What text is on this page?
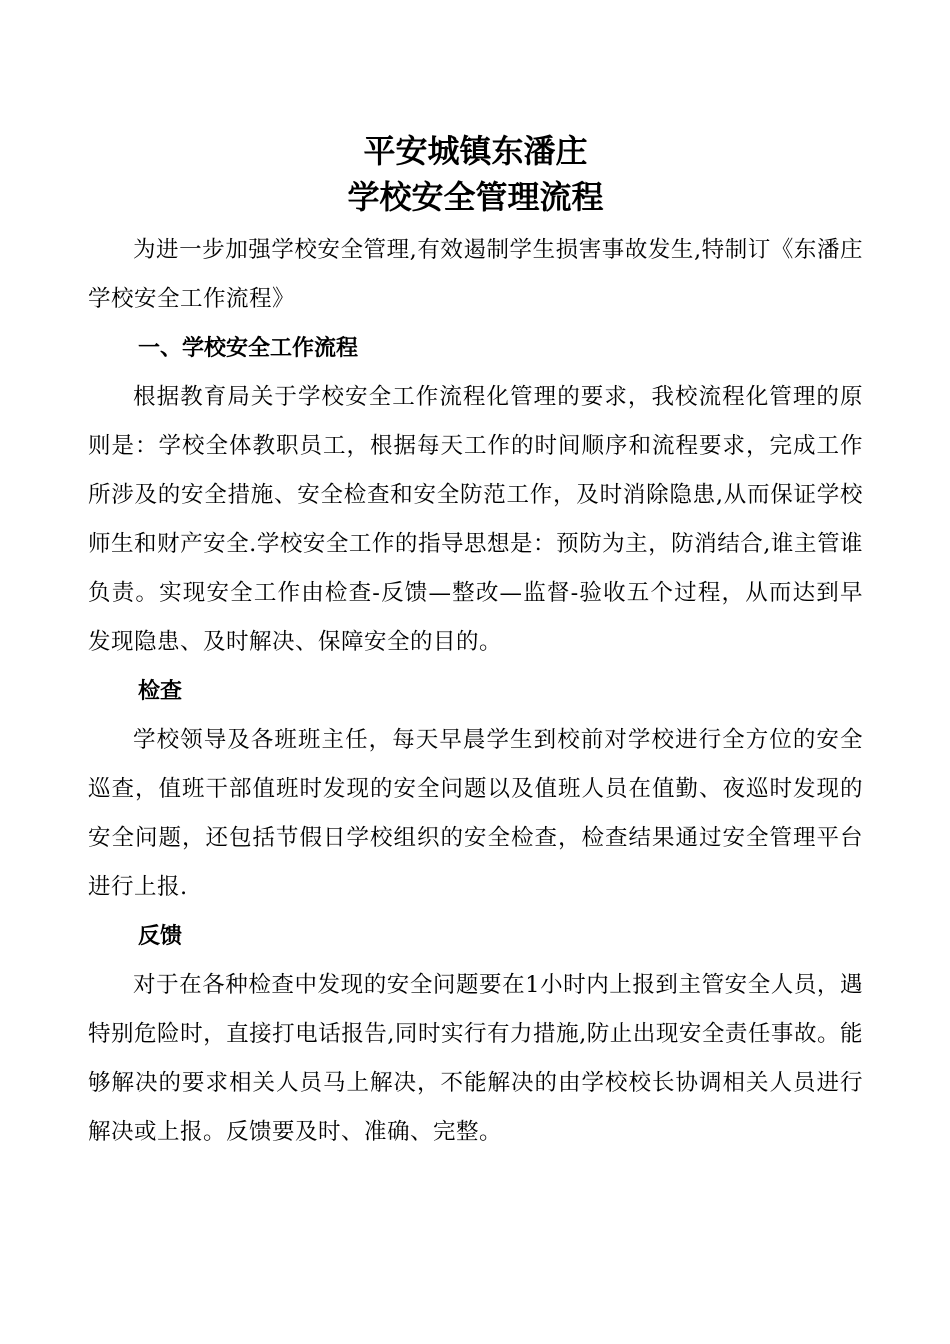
平安城镇东潘庄
学校安全管理流程

为进一步加强学校安全管理,有效遏制学生损害事故发生,特制订《东潘庄学校安全工作流程》

一、学校安全工作流程

根据教育局关于学校安全工作流程化管理的要求，我校流程化管理的原则是：学校全体教职员工，根据每天工作的时间顺序和流程要求，完成工作所涉及的安全措施、安全检查和安全防范工作，及时消除隐患,从而保证学校师生和财产安全.学校安全工作的指导思想是：预防为主，防消结合,谁主管谁负责。实现安全工作由检查-反馈—整改—监督-验收五个过程，从而达到早发现隐患、及时解决、保障安全的目的。

检查

学校领导及各班班主任，每天早晨学生到校前对学校进行全方位的安全巡查，值班干部值班时发现的安全问题以及值班人员在值勤、夜巡时发现的安全问题，还包括节假日学校组织的安全检查，检查结果通过安全管理平台进行上报.

反馈

对于在各种检查中发现的安全问题要在1小时内上报到主管安全人员，遇特别危险时，直接打电话报告,同时实行有力措施,防止出现安全责任事故。能够解决的要求相关人员马上解决，不能解决的由学校校长协调相关人员进行解决或上报。反馈要及时、准确、完整。
